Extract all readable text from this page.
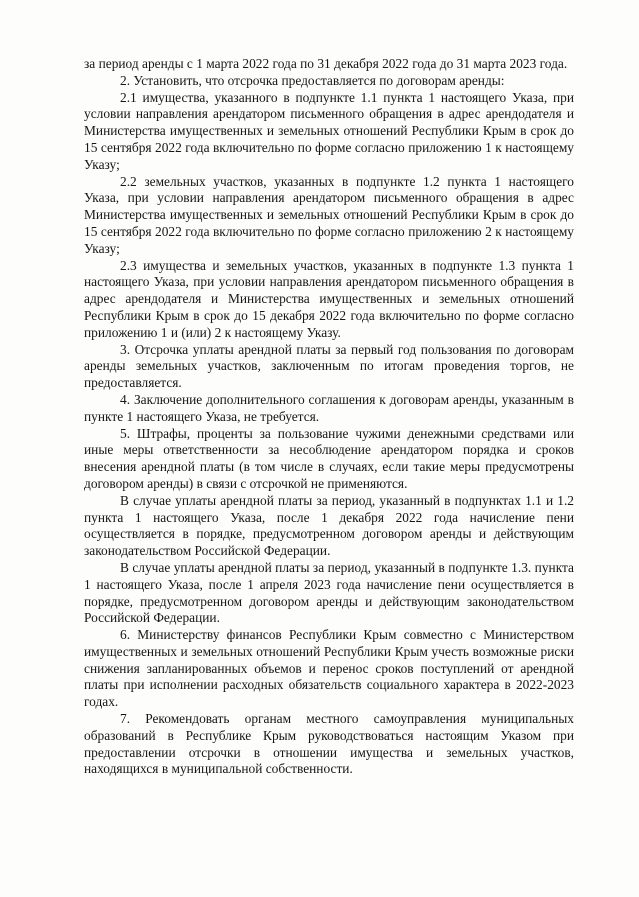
за период аренды с 1 марта 2022 года по 31 декабря 2022 года до 31 марта 2023 года.

2. Установить, что отсрочка предоставляется по договорам аренды:

2.1 имущества, указанного в подпункте 1.1 пункта 1 настоящего Указа, при условии направления арендатором письменного обращения в адрес арендодателя и Министерства имущественных и земельных отношений Республики Крым в срок до 15 сентября 2022 года включительно по форме согласно приложению 1 к настоящему Указу;

2.2 земельных участков, указанных в подпункте 1.2 пункта 1 настоящего Указа, при условии направления арендатором письменного обращения в адрес Министерства имущественных и земельных отношений Республики Крым в срок до 15 сентября 2022 года включительно по форме согласно приложению 2 к настоящему Указу;

2.3 имущества и земельных участков, указанных в подпункте 1.3 пункта 1 настоящего Указа, при условии направления арендатором письменного обращения в адрес арендодателя и Министерства имущественных и земельных отношений Республики Крым в срок до 15 декабря 2022 года включительно по форме согласно приложению 1 и (или) 2 к настоящему Указу.

3. Отсрочка уплаты арендной платы за первый год пользования по договорам аренды земельных участков, заключенным по итогам проведения торгов, не предоставляется.

4. Заключение дополнительного соглашения к договорам аренды, указанным в пункте 1 настоящего Указа, не требуется.

5. Штрафы, проценты за пользование чужими денежными средствами или иные меры ответственности за несоблюдение арендатором порядка и сроков внесения арендной платы (в том числе в случаях, если такие меры предусмотрены договором аренды) в связи с отсрочкой не применяются.

В случае уплаты арендной платы за период, указанный в подпунктах 1.1 и 1.2 пункта 1 настоящего Указа, после 1 декабря 2022 года начисление пени осуществляется в порядке, предусмотренном договором аренды и действующим законодательством Российской Федерации.

В случае уплаты арендной платы за период, указанный в подпункте 1.3. пункта 1 настоящего Указа, после 1 апреля 2023 года начисление пени осуществляется в порядке, предусмотренном договором аренды и действующим законодательством Российской Федерации.

6. Министерству финансов Республики Крым совместно с Министерством имущественных и земельных отношений Республики Крым учесть возможные риски снижения запланированных объемов и перенос сроков поступлений от арендной платы при исполнении расходных обязательств социального характера в 2022-2023 годах.

7. Рекомендовать органам местного самоуправления муниципальных образований в Республике Крым руководствоваться настоящим Указом при предоставлении отсрочки в отношении имущества и земельных участков, находящихся в муниципальной собственности.
